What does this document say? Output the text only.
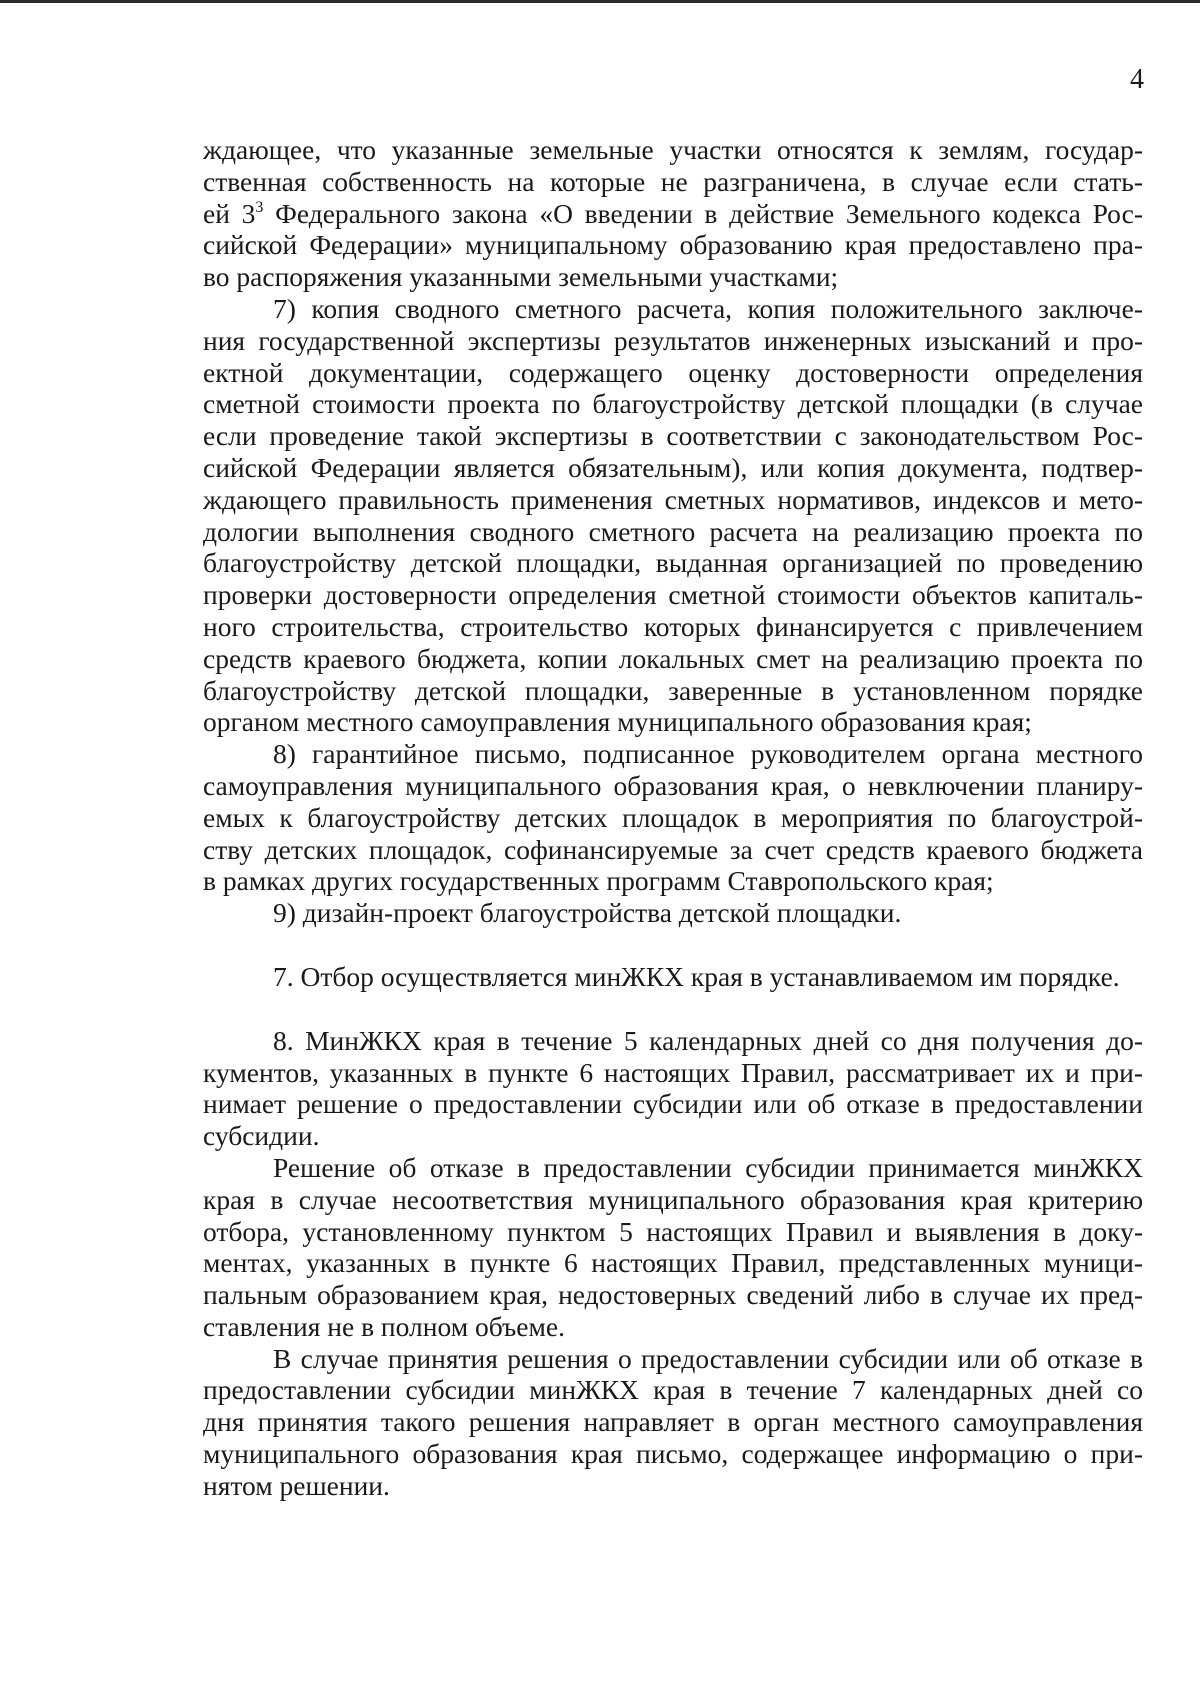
4
ждающее, что указанные земельные участки относятся к землям, государ-
ственная собственность на которые не разграничена, в случае если стать-
ей $3^3$ Федерального закона «О введении в действие Земельного кодекса Рос-
сийской Федерации» муниципальному образованию края предоставлено пра-
во распоряжения указанными земельными участками;
7) копия сводного сметного расчета, копия положительного заключе-
ния государственной экспертизы результатов инженерных изысканий и про-
ектной документации, содержащего оценку достоверности определения
сметной стоимости проекта по благоустройству детской площадки (в случае
если проведение такой экспертизы в соответствии с законодательством Рос-
сийской Федерации является обязательным), или копия документа, подтвер-
ждающего правильность применения сметных нормативов, индексов и мето-
дологии выполнения сводного сметного расчета на реализацию проекта по
благоустройству детской площадки, выданная организацией по проведению
проверки достоверности определения сметной стоимости объектов капиталь-
ного строительства, строительство которых финансируется с привлечением
средств краевого бюджета, копии локальных смет на реализацию проекта по
благоустройству детской площадки, заверенные в установленном порядке
органом местного самоуправления муниципального образования края;
8) гарантийное письмо, подписанное руководителем органа местного
самоуправления муниципального образования края, о невключении планиру-
емых к благоустройству детских площадок в мероприятия по благоустрой-
ству детских площадок, софинансируемые за счет средств краевого бюджета
в рамках других государственных программ Ставропольского края;
9) дизайн-проект благоустройства детской площадки.
7. Отбор осуществляется минЖКХ края в устанавливаемом им порядке.
8. МинЖКХ края в течение 5 календарных дней со дня получения до-
кументов, указанных в пункте 6 настоящих Правил, рассматривает их и при-
нимает решение о предоставлении субсидии или об отказе в предоставлении
субсидии.
Решение об отказе в предоставлении субсидии принимается минЖКХ
края в случае несоответствия муниципального образования края критерию
отбора, установленному пунктом 5 настоящих Правил и выявления в доку-
ментах, указанных в пункте 6 настоящих Правил, представленных муници-
пальным образованием края, недостоверных сведений либо в случае их пред-
ставления не в полном объеме.
В случае принятия решения о предоставлении субсидии или об отказе в
предоставлении субсидии минЖКХ края в течение 7 календарных дней со
дня принятия такого решения направляет в орган местного самоуправления
муниципального образования края письмо, содержащее информацию о при-
нятом решении.
